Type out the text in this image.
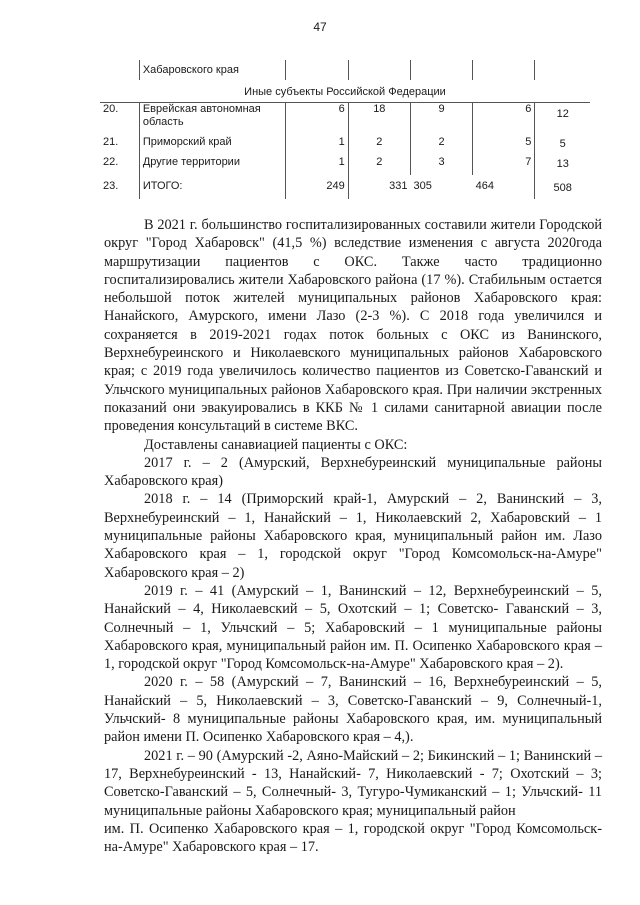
47
	Хабаровского края					
Иные субъекты Российской Федерации						
20.	Еврейская автономная область	6	18	9	6	12
21.	Приморский край	1	2	2	5	5
22.	Другие территории	1	2	3	7	13
23.	ИТОГО:	249	331	305	464	508

В 2021 г. большинство госпитализированных составили жители Городской округ "Город Хабаровск" (41,5 %) вследствие изменения с августа 2020года маршрутизации пациентов с ОКС. Также часто традиционно госпитализировались жители Хабаровского района (17 %). Стабильным остается небольшой поток жителей муниципальных районов Хабаровского края: Нанайского, Амурского, имени Лазо (2-3 %). С 2018 года увеличился и сохраняется в 2019-2021 годах поток больных с ОКС из Ванинского, Верхнебуреинского и Николаевского муниципальных районов Хабаровского края; с 2019 года увеличилось количество пациентов из Советско-Гаванский и Ульчского муниципальных районов Хабаровского края. При наличии экстренных показаний они эвакуировались в ККБ № 1 силами санитарной авиации после проведения консультаций в системе ВКС.

Доставлены санавиацией пациенты с ОКС:

2017 г. – 2 (Амурский, Верхнебуреинский муниципальные районы Хабаровского края)

2018 г. – 14 (Приморский край-1, Амурский – 2, Ванинский – 3, Верхнебуреинский – 1, Нанайский – 1, Николаевский 2, Хабаровский – 1 муниципальные районы Хабаровского края, муниципальный район им. Лазо Хабаровского края – 1, городской округ "Город Комсомольск-на-Амуре" Хабаровского края – 2)

2019 г. – 41 (Амурский – 1, Ванинский – 12, Верхнебуреинский – 5, Нанайский – 4, Николаевский – 5, Охотский – 1; Советско- Гаванский – 3, Солнечный – 1, Ульчский – 5; Хабаровский – 1 муниципальные районы Хабаровского края, муниципальный район им. П. Осипенко Хабаровского края – 1, городской округ "Город Комсомольск-на-Амуре" Хабаровского края – 2).

2020 г. – 58 (Амурский – 7, Ванинский – 16, Верхнебуреинский – 5, Нанайский – 5, Николаевский – 3, Советско-Гаванский – 9, Солнечный-1, Ульчский- 8 муниципальные районы Хабаровского края, им. муниципальный район имени П. Осипенко Хабаровского края – 4,).

2021 г. – 90 (Амурский -2, Аяно-Майский – 2; Бикинский – 1; Ванинский – 17, Верхнебуреинский - 13, Нанайский- 7, Николаевский - 7; Охотский – 3; Советско-Гаванский – 5, Солнечный- 3, Тугуро-Чумиканский – 1; Ульчский- 11 муниципальные районы Хабаровского края; муниципальный район

им. П. Осипенко Хабаровского края – 1, городской округ "Город Комсомольск-на-Амуре" Хабаровского края – 17.
